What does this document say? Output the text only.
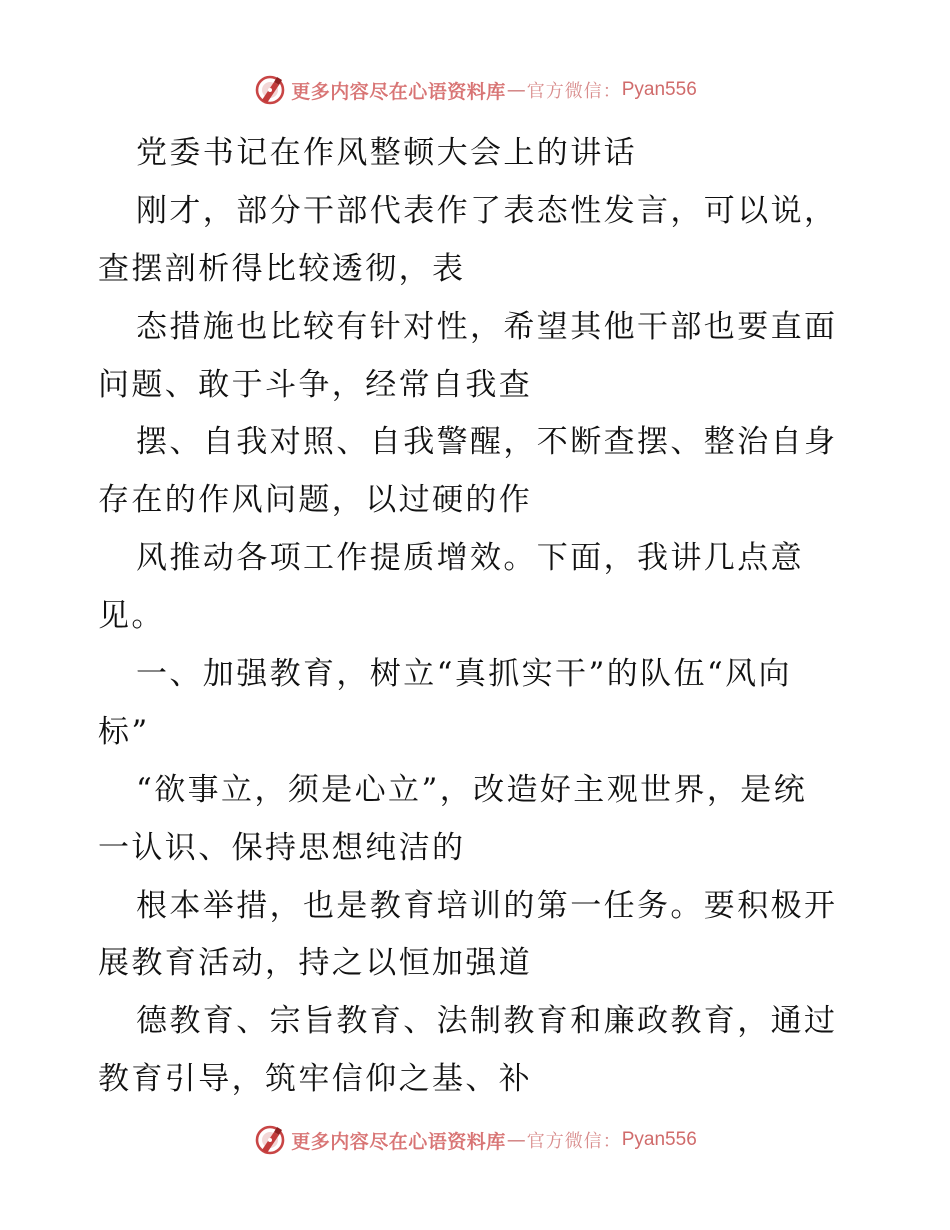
更多内容尽在心语资料库 — 官方微信： Pyan556
党委书记在作风整顿大会上的讲话
刚才，部分干部代表作了表态性发言，可以说，
查摆剖析得比较透彻，表
态措施也比较有针对性，希望其他干部也要直面
问题、敢于斗争，经常自我查
摆、自我对照、自我警醒，不断查摆、整治自身
存在的作风问题，以过硬的作
风推动各项工作提质增效。下面，我讲几点意
见。
一、加强教育，树立“真抓实干”的队伍“风向
标”
“欲事立，须是心立”，改造好主观世界，是统
一认识、保持思想纯洁的
根本举措，也是教育培训的第一任务。要积极开
展教育活动，持之以恒加强道
德教育、宗旨教育、法制教育和廉政教育，通过
教育引导，筑牢信仰之基、补
更多内容尽在心语资料库 — 官方微信： Pyan556
